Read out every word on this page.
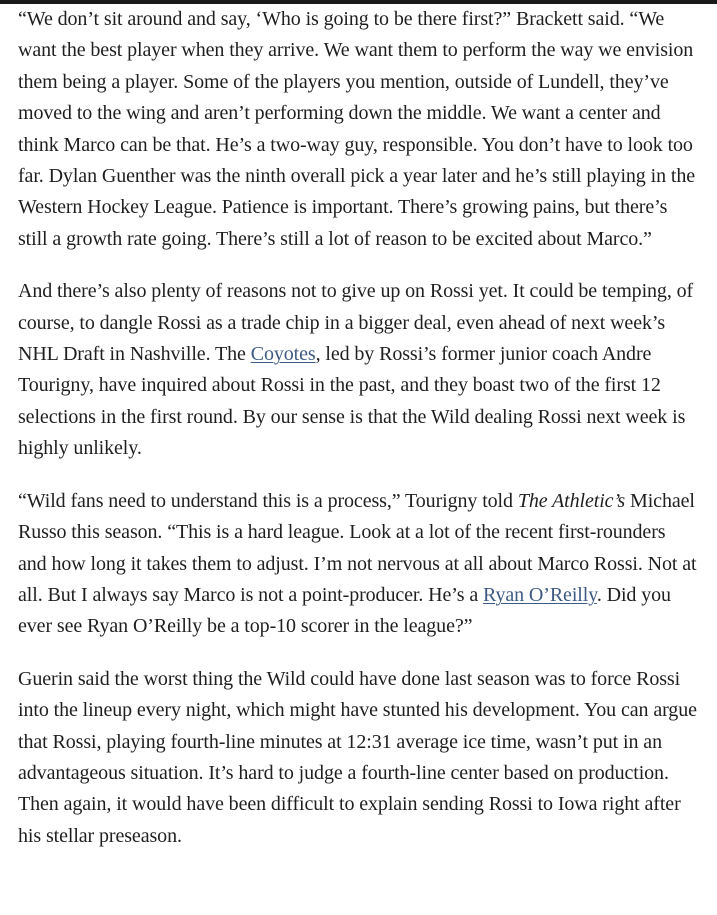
“We don’t sit around and say, ‘Who is going to be there first?” Brackett said. “We want the best player when they arrive. We want them to perform the way we envision them being a player. Some of the players you mention, outside of Lundell, they’ve moved to the wing and aren’t performing down the middle. We want a center and think Marco can be that. He’s a two-way guy, responsible. You don’t have to look too far. Dylan Guenther was the ninth overall pick a year later and he’s still playing in the Western Hockey League. Patience is important. There’s growing pains, but there’s still a growth rate going. There’s still a lot of reason to be excited about Marco.”

And there’s also plenty of reasons not to give up on Rossi yet. It could be temping, of course, to dangle Rossi as a trade chip in a bigger deal, even ahead of next week’s NHL Draft in Nashville. The Coyotes, led by Rossi’s former junior coach Andre Tourigny, have inquired about Rossi in the past, and they boast two of the first 12 selections in the first round. By our sense is that the Wild dealing Rossi next week is highly unlikely.

“Wild fans need to understand this is a process,” Tourigny told The Athletic’s Michael Russo this season. “This is a hard league. Look at a lot of the recent first-rounders and how long it takes them to adjust. I’m not nervous at all about Marco Rossi. Not at all. But I always say Marco is not a point-producer. He’s a Ryan O’Reilly. Did you ever see Ryan O’Reilly be a top-10 scorer in the league?”

Guerin said the worst thing the Wild could have done last season was to force Rossi into the lineup every night, which might have stunted his development. You can argue that Rossi, playing fourth-line minutes at 12:31 average ice time, wasn’t put in an advantageous situation. It’s hard to judge a fourth-line center based on production. Then again, it would have been difficult to explain sending Rossi to Iowa right after his stellar preseason.
